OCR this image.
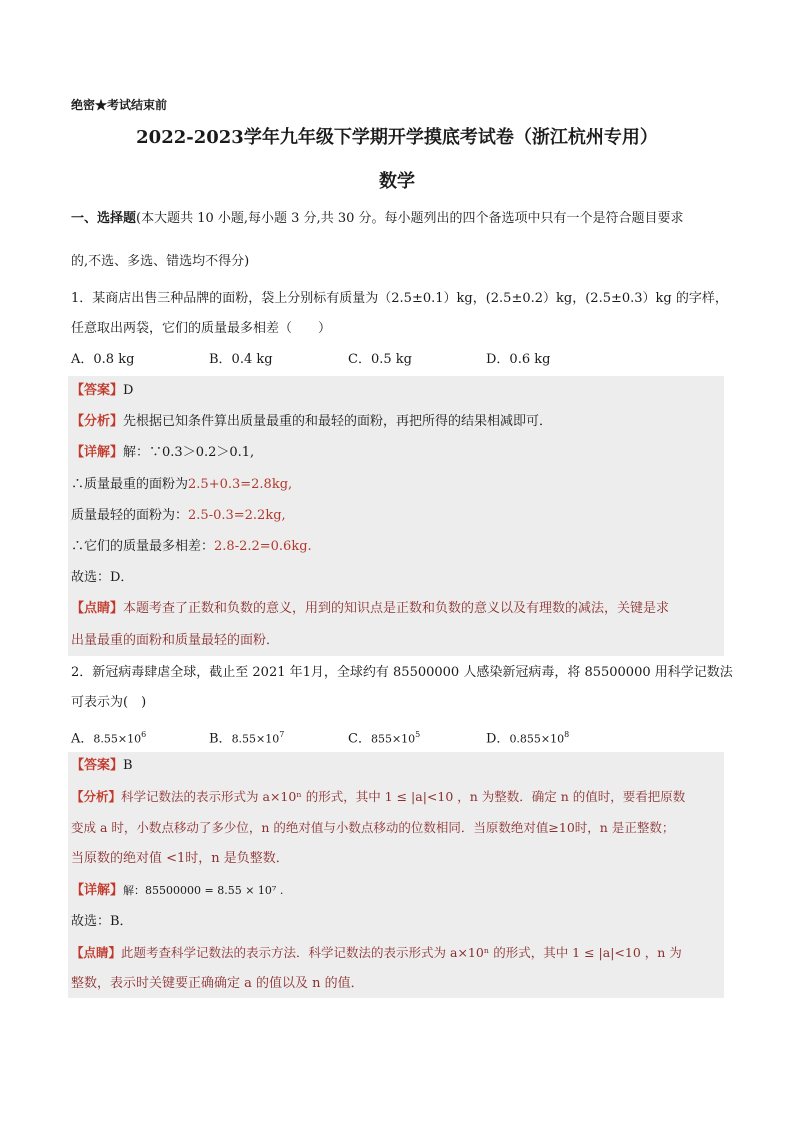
绝密★考试结束前
2022-2023学年九年级下学期开学摸底考试卷（浙江杭州专用）
数学
一、选择题(本大题共 10 小题,每小题 3 分,共 30 分。每小题列出的四个备选项中只有一个是符合题目要求
的,不选、多选、错选均不得分)
1．某商店出售三种品牌的面粉，袋上分别标有质量为（2.5±0.1）kg，(2.5±0.2）kg，(2.5±0.3）kg 的字样，
任意取出两袋，它们的质量最多相差（　　）
A．0.8 kg	B．0.4 kg	C．0.5 kg	D．0.6 kg
【答案】D
【分析】先根据已知条件算出质量最重的和最轻的面粉，再把所得的结果相减即可．
【详解】解：∵0.3＞0.2＞0.1,
∴质量最重的面粉为2.5+0.3=2.8kg,
质量最轻的面粉为：2.5-0.3=2.2kg,
∴它们的质量最多相差：2.8-2.2=0.6kg.
故选：D．
【点睛】本题考查了正数和负数的意义，用到的知识点是正数和负数的意义以及有理数的减法，关键是求
出量最重的面粉和质量最轻的面粉．
2．新冠病毒肆虐全球，截止至 2021 年1月，全球约有 85500000 人感染新冠病毒，将 85500000 用科学记数法
可表示为(　)
A．$8.55\times 10^6$	B．$8.55\times 10^7$	C．$855\times 10^5$	D．$0.855\times 10^8$
【答案】B
【分析】科学记数法的表示形式为 a×10ⁿ 的形式，其中 1 ≤ |a|<10 ，n 为整数．确定 n 的值时，要看把原数
变成 a 时，小数点移动了多少位，n 的绝对值与小数点移动的位数相同．当原数绝对值≥10时，n 是正整数；
当原数的绝对值 <1时，n 是负整数．
【详解】解：85500000 = 8.55 × 10⁷ .
故选：B．
【点睛】此题考查科学记数法的表示方法．科学记数法的表示形式为 a×10ⁿ 的形式，其中 1 ≤ |a|<10 ，n 为
整数，表示时关键要正确确定 a 的值以及 n 的值．
